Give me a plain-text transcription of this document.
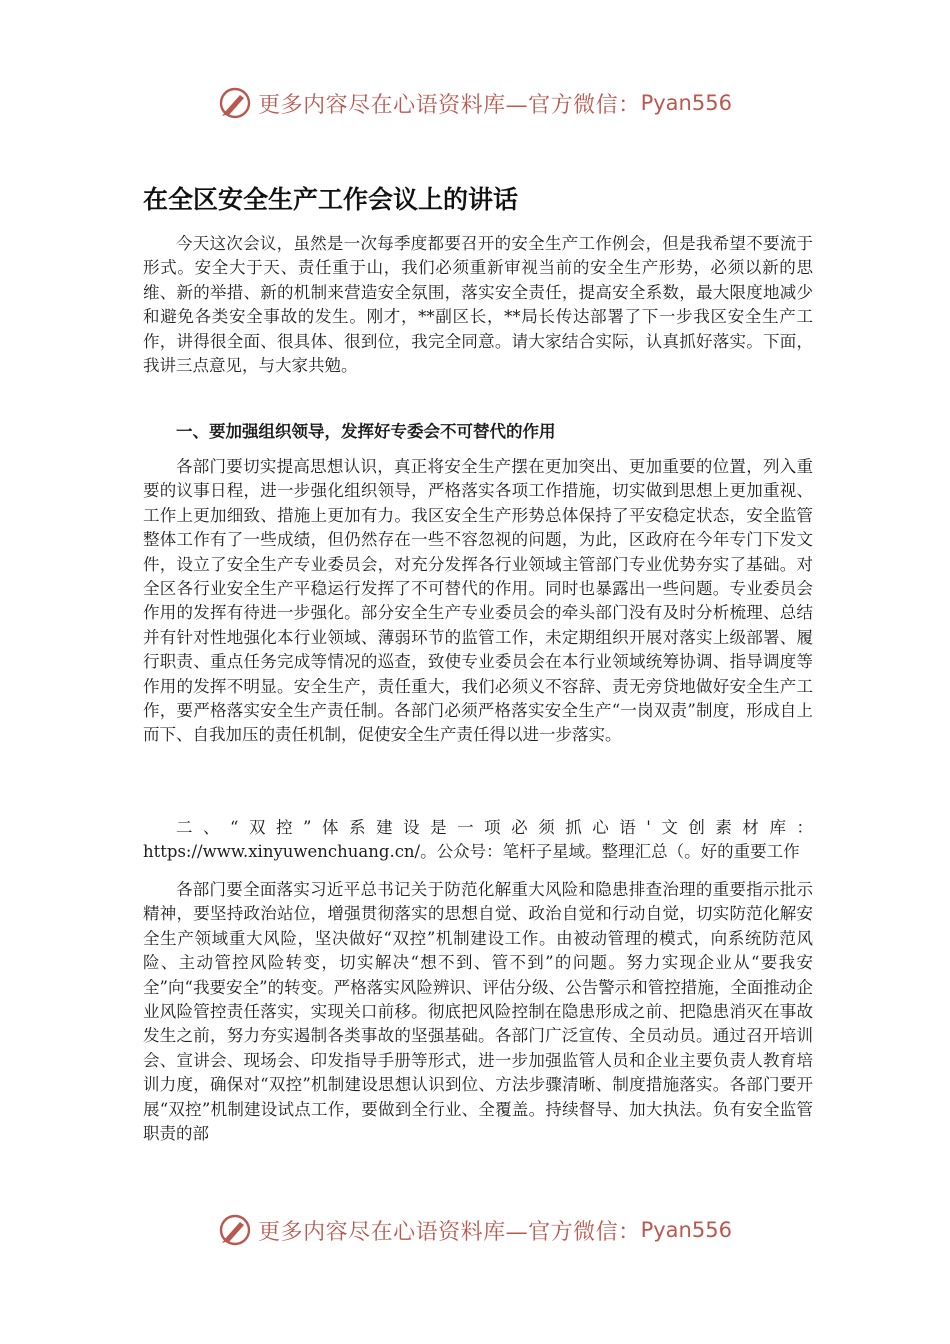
更多内容尽在心语资料库—官方微信： Pyan556
在全区安全生产工作会议上的讲话

今天这次会议，虽然是一次每季度都要召开的安全生产工作例会，但是我希望不要流于形式。安全大于天、责任重于山，我们必须重新审视当前的安全生产形势，必须以新的思维、新的举措、新的机制来营造安全氛围，落实安全责任，提高安全系数，最大限度地减少和避免各类安全事故的发生。刚才，**副区长，**局长传达部署了下一步我区安全生产工作，讲得很全面、很具体、很到位，我完全同意。请大家结合实际，认真抓好落实。下面，我讲三点意见，与大家共勉。

一、要加强组织领导，发挥好专委会不可替代的作用

各部门要切实提高思想认识，真正将安全生产摆在更加突出、更加重要的位置，列入重要的议事日程，进一步强化组织领导，严格落实各项工作措施，切实做到思想上更加重视、工作上更加细致、措施上更加有力。我区安全生产形势总体保持了平安稳定状态，安全监管整体工作有了一些成绩，但仍然存在一些不容忽视的问题，为此，区政府在今年专门下发文件，设立了安全生产专业委员会，对充分发挥各行业领域主管部门专业优势夯实了基础。对全区各行业安全生产平稳运行发挥了不可替代的作用。同时也暴露出一些问题。专业委员会作用的发挥有待进一步强化。部分安全生产专业委员会的牵头部门没有及时分析梳理、总结并有针对性地强化本行业领域、薄弱环节的监管工作，未定期组织开展对落实上级部署、履行职责、重点任务完成等情况的巡查，致使专业委员会在本行业领域统筹协调、指导调度等作用的发挥不明显。安全生产，责任重大，我们必须义不容辞、责无旁贷地做好安全生产工作，要严格落实安全生产责任制。各部门必须严格落实安全生产“一岗双责”制度，形成自上而下、自我加压的责任机制，促使安全生产责任得以进一步落实。

二、“双控”体系建设是一项必须抓心语'文创素材库：https://www.xinyuwenchuang.cn/。公众号：笔杆子星域。整理汇总（。好的重要工作

各部门要全面落实习近平总书记关于防范化解重大风险和隐患排查治理的重要指示批示精神，要坚持政治站位，增强贯彻落实的思想自觉、政治自觉和行动自觉，切实防范化解安全生产领域重大风险，坚决做好“双控”机制建设工作。由被动管理的模式，向系统防范风险、主动管控风险转变，切实解决“想不到、管不到”的问题。努力实现企业从“要我安全”向“我要安全”的转变。严格落实风险辨识、评估分级、公告警示和管控措施，全面推动企业风险管控责任落实，实现关口前移。彻底把风险控制在隐患形成之前、把隐患消灭在事故发生之前，努力夯实遏制各类事故的坚强基础。各部门广泛宣传、全员动员。通过召开培训会、宣讲会、现场会、印发指导手册等形式，进一步加强监管人员和企业主要负责人教育培训力度，确保对“双控”机制建设思想认识到位、方法步骤清晰、制度措施落实。各部门要开展“双控”机制建设试点工作，要做到全行业、全覆盖。持续督导、加大执法。负有安全监管职责的部

更多内容尽在心语资料库—官方微信： Pyan556
